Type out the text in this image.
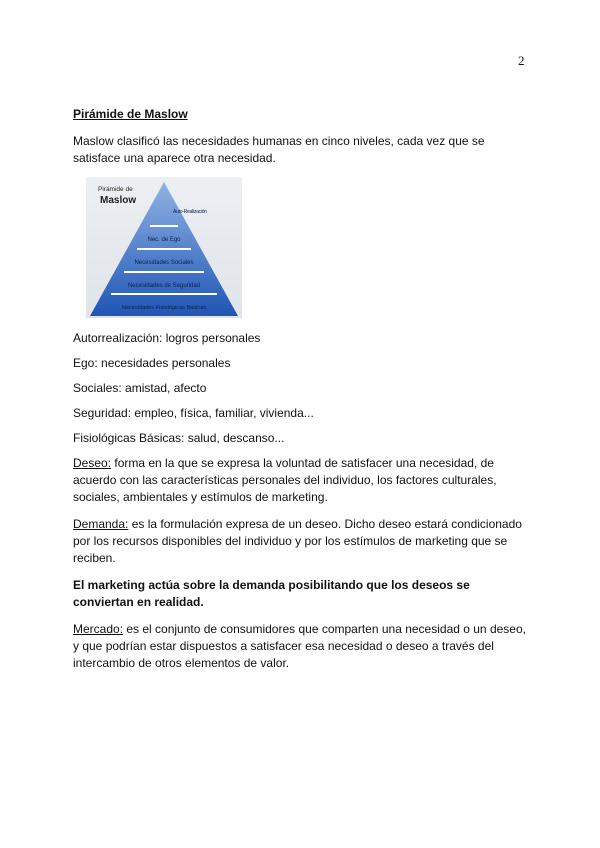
2

Pirámide de Maslow

Maslow clasificó las necesidades humanas en cinco niveles, cada vez que se satisface una aparece otra necesidad.

Pirámide de
Maslow
Auto-Realización
Nec. de Ego
Necesidades Sociales
Necesidades de Seguridad
Necesidades Fisiológicas Básicas

Autorrealización: logros personales

Ego: necesidades personales

Sociales: amistad, afecto

Seguridad: empleo, física, familiar, vivienda...

Fisiológicas Básicas: salud, descanso...

Deseo: forma en la que se expresa la voluntad de satisfacer una necesidad, de acuerdo con las características personales del individuo, los factores culturales, sociales, ambientales y estímulos de marketing.

Demanda: es la formulación expresa de un deseo. Dicho deseo estará condicionado por los recursos disponibles del individuo y por los estímulos de marketing que se reciben.

El marketing actúa sobre la demanda posibilitando que los deseos se conviertan en realidad.

Mercado: es el conjunto de consumidores que comparten una necesidad o un deseo, y que podrían estar dispuestos a satisfacer esa necesidad o deseo a través del intercambio de otros elementos de valor.
